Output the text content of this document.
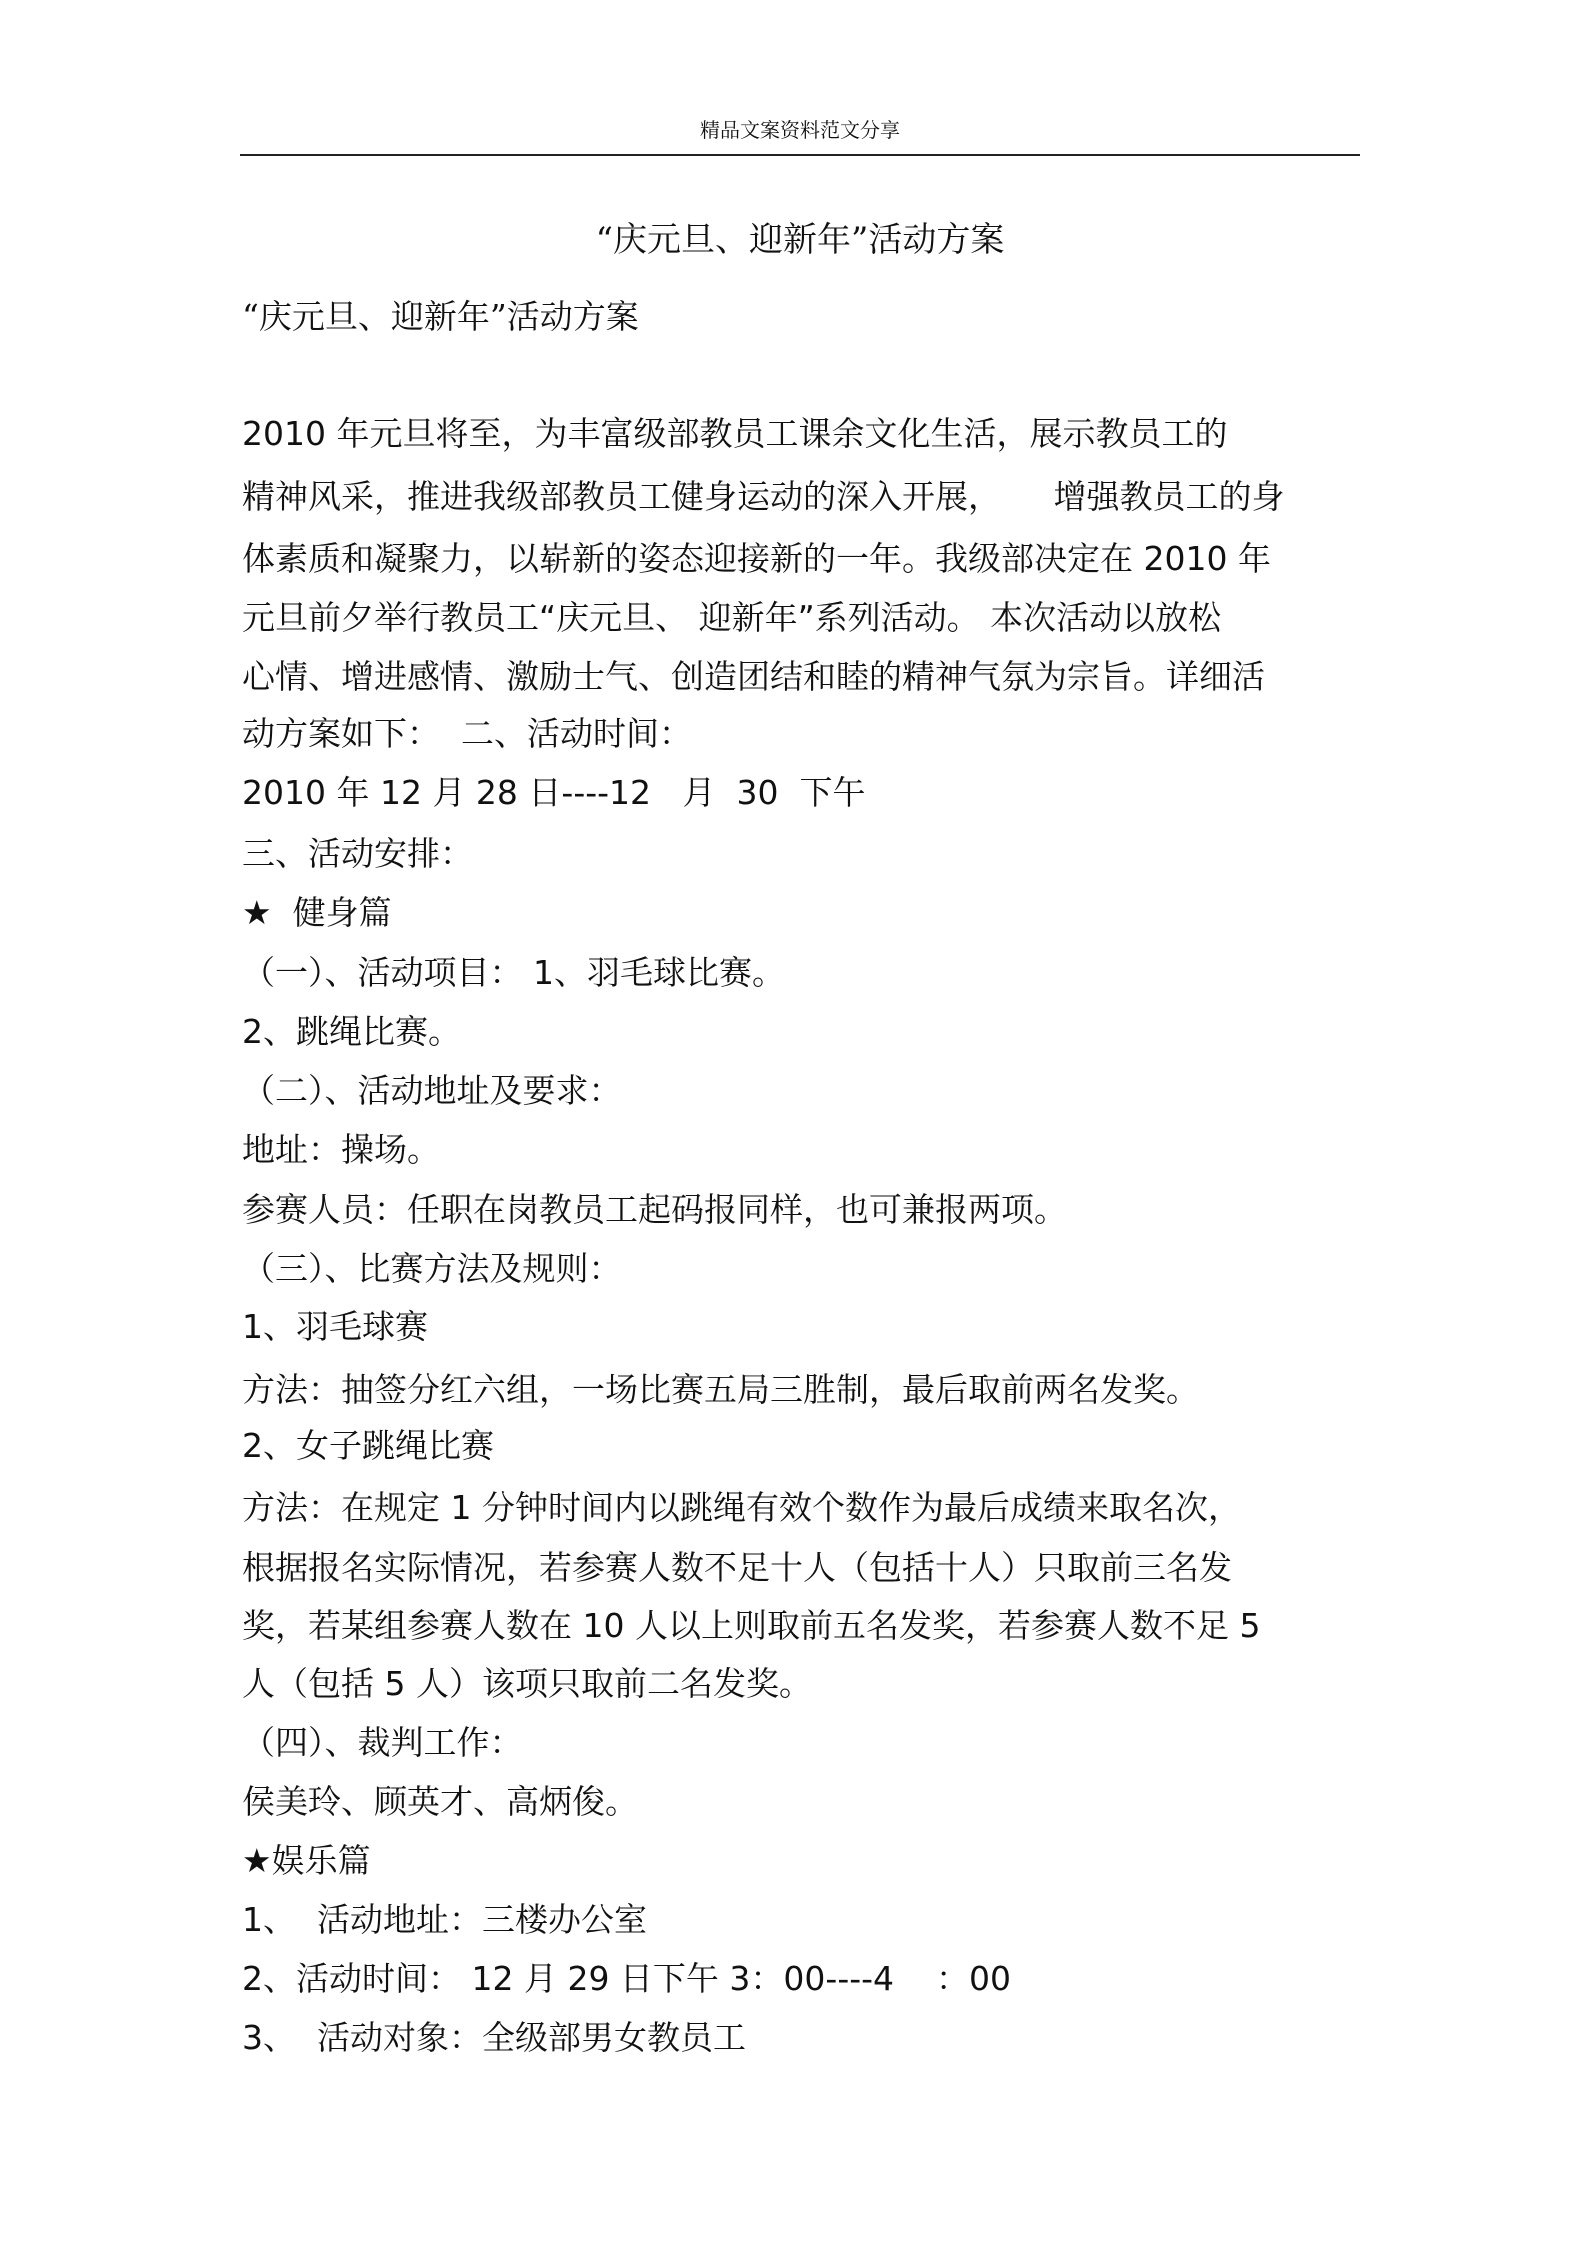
精品文案资料范文分享
“庆元旦、迎新年”活动方案
“庆元旦、迎新年”活动方案
2010 年元旦将至，为丰富级部教员工课余文化生活，展示教员工的
精神风采，推进我级部教员工健身运动的深入开展，     增强教员工的身
体素质和凝聚力，以崭新的姿态迎接新的一年。我级部决定在 2010 年
元旦前夕举行教员工“庆元旦、 迎新年”系列活动。 本次活动以放松
心情、增进感情、激励士气、创造团结和睦的精神气氛为宗旨。详细活
动方案如下：  二、活动时间：
2010 年 12 月 28 日----12   月  30  下午
三、活动安排：
★  健身篇
（一）、活动项目： 1、羽毛球比赛。
2、跳绳比赛。
（二）、活动地址及要求：
地址：操场。
参赛人员：任职在岗教员工起码报同样，也可兼报两项。
（三）、比赛方法及规则：
1、羽毛球赛
方法：抽签分红六组，一场比赛五局三胜制，最后取前两名发奖。
2、女子跳绳比赛
方法：在规定 1 分钟时间内以跳绳有效个数作为最后成绩来取名次，
根据报名实际情况，若参赛人数不足十人（包括十人）只取前三名发
奖，若某组参赛人数在 10 人以上则取前五名发奖，若参赛人数不足 5
人（包括 5 人）该项只取前二名发奖。
（四）、裁判工作：
侯美玲、顾英才、高炳俊。
★娱乐篇
1、  活动地址：三楼办公室
2、活动时间： 12 月 29 日下午 3：00----4    ：00
3、  活动对象：全级部男女教员工
